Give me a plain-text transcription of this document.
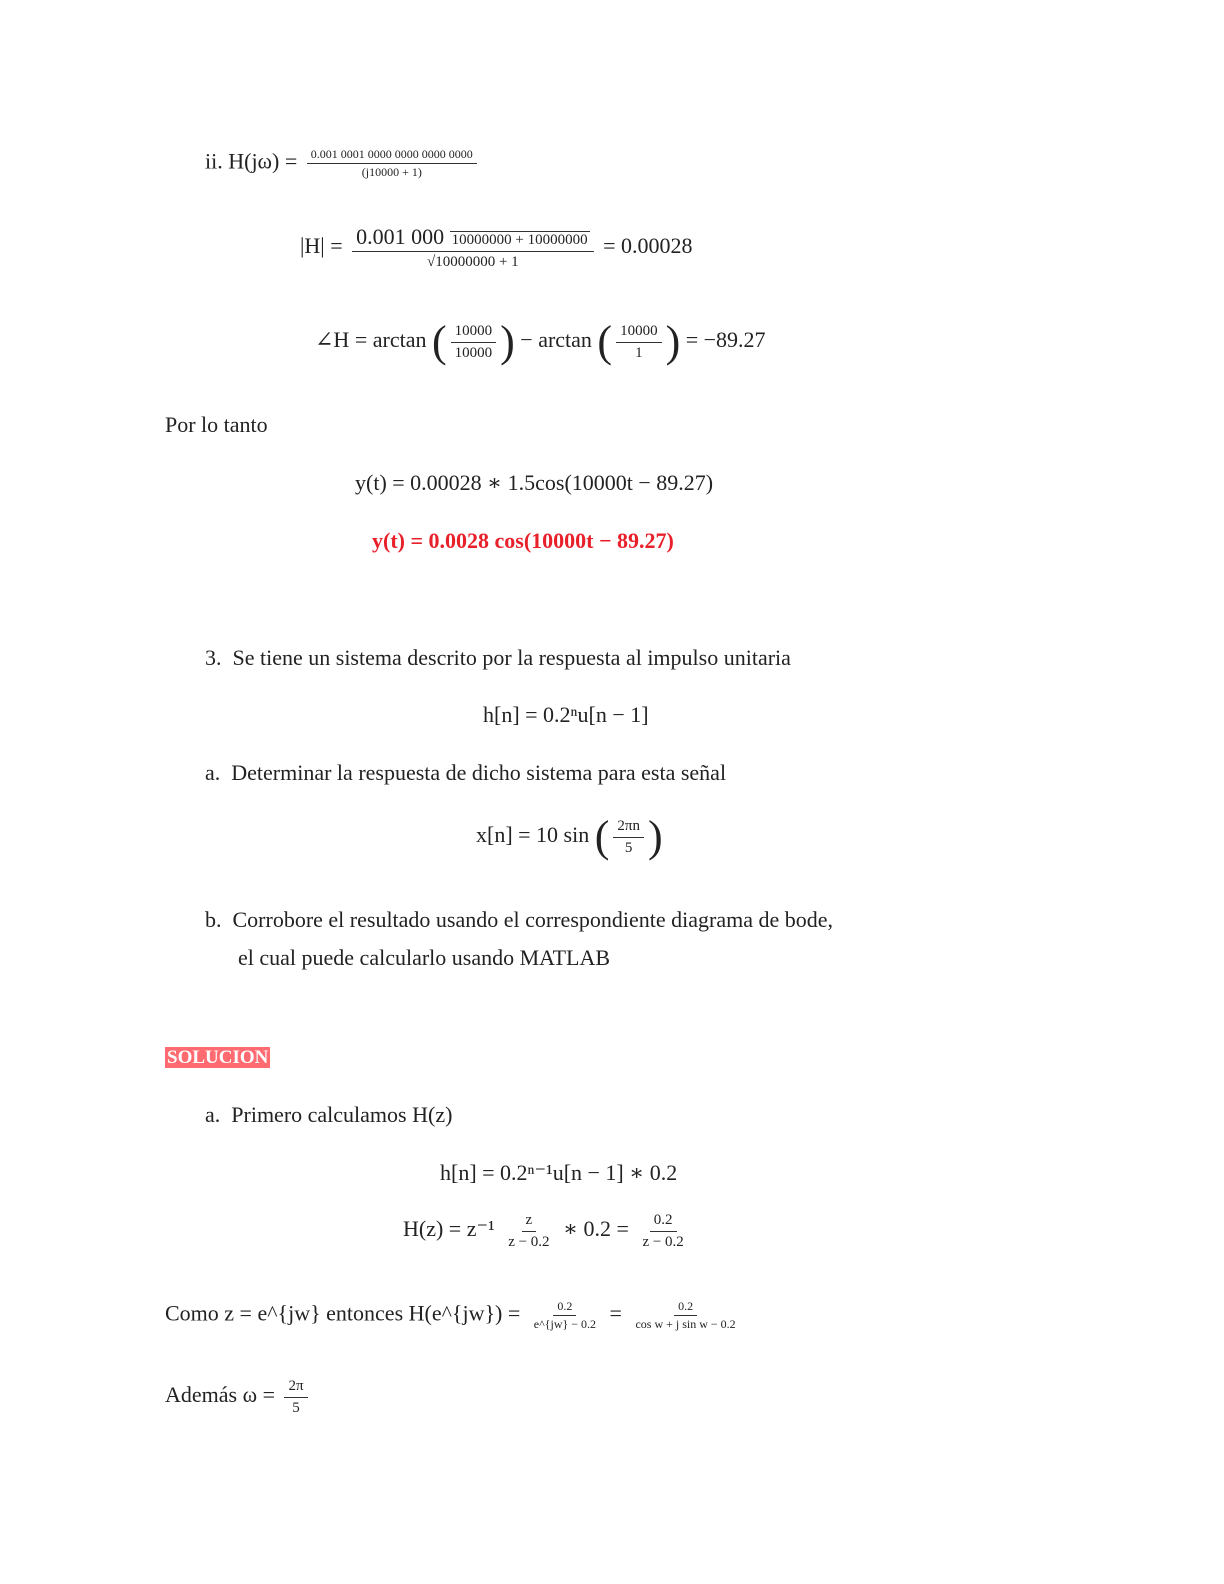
ii. $H(j\omega) = \frac{0.001 0001 0000 0000 0000 0000}{(j10000 + 1)}$
$|H| = \frac{0.001 000 10000000 + 10000000}{√10000000 + 1} = 0.00028$
∠H = arctan ( $\frac{10000}{10000}$ ) − arctan ( $\frac{10000}{1}$ ) = −89.27
Por lo tanto
y(t) = 0.00028 ∗ 1.5cos(10000t − 89.27)
y(t) = 0.0028 cos(10000t − 89.27)
3. Se tiene un sistema descrito por la respuesta al impulso unitaria
h[n] = 0.2ⁿu[n − 1]
a. Determinar la respuesta de dicho sistema para esta señal
x[n] = 10 sin ( $\frac{2\pi n}{5}$ )
b. Corrobore el resultado usando el correspondiente diagrama de bode,
el cual puede calcularlo usando MATLAB
SOLUCION
a. Primero calculamos H(z)
h[n] = 0.2ⁿ⁻¹u[n − 1] ∗ 0.2
$H(z) = z^{-1} \frac{z}{z - 0.2}$ ∗ $0.2 = \frac{0.2}{z - 0.2}$
Como z = e^{jw} entonces H(e^{jw}) = $\frac{0.2}{e\^{}\{jw\} - 0.2} = \frac{0.2}{\text{cos w + j sin w − 0.2}}$
Además $\omega = \frac{2\pi}{5}$
